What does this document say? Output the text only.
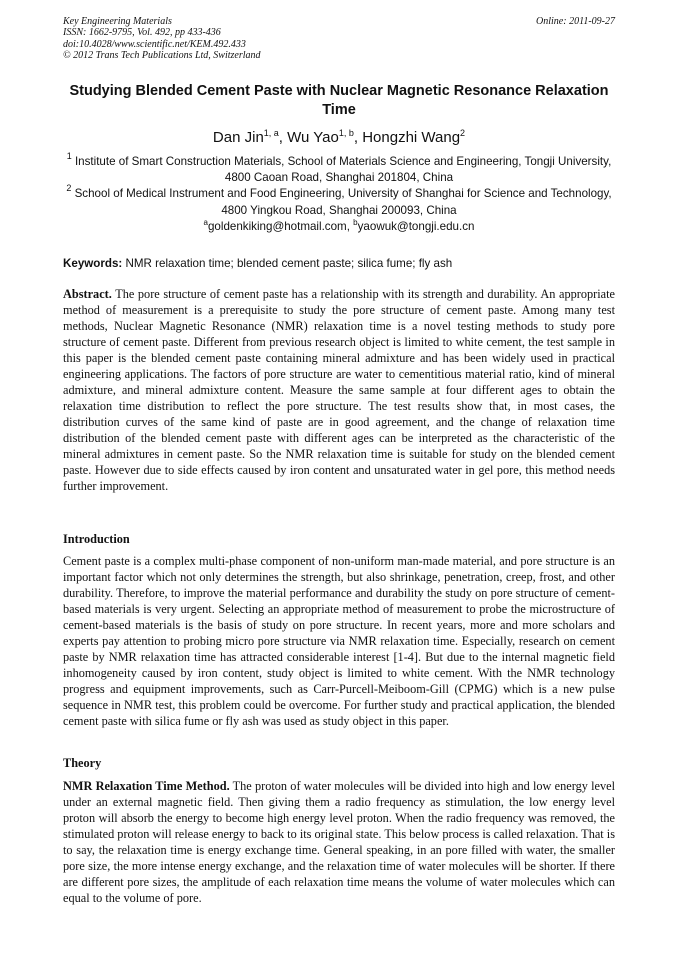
Key Engineering Materials
ISSN: 1662-9795, Vol. 492, pp 433-436
doi:10.4028/www.scientific.net/KEM.492.433
© 2012 Trans Tech Publications Ltd, Switzerland
Online: 2011-09-27
Studying Blended Cement Paste with Nuclear Magnetic Resonance Relaxation Time
Dan Jin$^{1, a}$, Wu Yao$^{1, b}$, Hongzhi Wang$^2$

$^1$ Institute of Smart Construction Materials, School of Materials Science and Engineering, Tongji University, 4800 Caoan Road, Shanghai 201804, China

$^2$ School of Medical Instrument and Food Engineering, University of Shanghai for Science and Technology, 4800 Yingkou Road, Shanghai 200093, China

$^a$goldenkiking@hotmail.com, $^b$yaowuk@tongji.edu.cn
Keywords: NMR relaxation time; blended cement paste; silica fume; fly ash
Abstract. The pore structure of cement paste has a relationship with its strength and durability. An appropriate method of measurement is a prerequisite to study the pore structure of cement paste. Among many test methods, Nuclear Magnetic Resonance (NMR) relaxation time is a novel testing methods to study pore structure of cement paste. Different from previous research object is limited to white cement, the test sample in this paper is the blended cement paste containing mineral admixture and has been widely used in practical engineering applications. The factors of pore structure are water to cementitious material ratio, kind of mineral admixture, and mineral admixture content. Measure the same sample at four different ages to obtain the relaxation time distribution to reflect the pore structure. The test results show that, in most cases, the distribution curves of the same kind of paste are in good agreement, and the change of relaxation time distribution of the blended cement paste with different ages can be interpreted as the characteristic of the mineral admixtures in cement paste. So the NMR relaxation time is suitable for study on the blended cement paste. However due to side effects caused by iron content and unsaturated water in gel pore, this method needs further improvement.
Introduction
Cement paste is a complex multi-phase component of non-uniform man-made material, and pore structure is an important factor which not only determines the strength, but also shrinkage, penetration, creep, frost, and other durability. Therefore, to improve the material performance and durability the study on pore structure of cement-based materials is very urgent. Selecting an appropriate method of measurement to probe the microstructure of cement-based materials is the basis of study on pore structure. In recent years, more and more scholars and experts pay attention to probing micro pore structure via NMR relaxation time. Especially, research on cement paste by NMR relaxation time has attracted considerable interest [1-4]. But due to the internal magnetic field inhomogeneity caused by iron content, study object is limited to white cement. With the NMR technology progress and equipment improvements, such as Carr-Purcell-Meiboom-Gill (CPMG) which is a new pulse sequence in NMR test, this problem could be overcome. For further study and practical application, the blended cement paste with silica fume or fly ash was used as study object in this paper.
Theory
NMR Relaxation Time Method. The proton of water molecules will be divided into high and low energy level under an external magnetic field. Then giving them a radio frequency as stimulation, the low energy level proton will absorb the energy to become high energy level proton. When the radio frequency was removed, the stimulated proton will release energy to back to its original state. This below process is called relaxation. That is to say, the relaxation time is energy exchange time. General speaking, in an pore filled with water, the smaller pore size, the more intense energy exchange, and the relaxation time of water molecules will be shorter. If there are different pore sizes, the amplitude of each relaxation time means the volume of water molecules which can equal to the volume of pore.
